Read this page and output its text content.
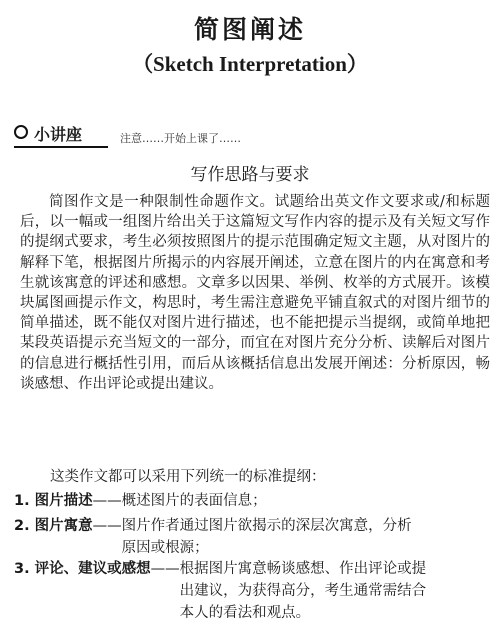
简图阐述
（Sketch Interpretation）
小讲座	注意……开始上课了……
写作思路与要求
简图作文是一种限制性命题作文。试题给出英文作文要求或/和标题后，以一幅或一组图片给出关于这篇短文写作内容的提示及有关短文写作的提纲式要求，考生必须按照图片的提示范围确定短文主题，从对图片的解释下笔，根据图片所揭示的内容展开阐述，立意在图片的内在寓意和考生就该寓意的评述和感想。文章多以因果、举例、枚举的方式展开。该模块属图画提示作文，构思时，考生需注意避免平铺直叙式的对图片细节的简单描述，既不能仅对图片进行描述，也不能把提示当提纲，或简单地把某段英语提示充当短文的一部分，而宜在对图片充分分析、读解后对图片的信息进行概括性引用，而后从该概括信息出发展开阐述：分析原因，畅谈感想、作出评论或提出建议。
这类作文都可以采用下列统一的标准提纲：
1. 图片描述——概述图片的表面信息；
2. 图片寓意——图片作者通过图片欲揭示的深层次寓意，分析原因或根源；
3. 评论、建议或感想——根据图片寓意畅谈感想、作出评论或提出建议，为获得高分，考生通常需结合本人的看法和观点。
